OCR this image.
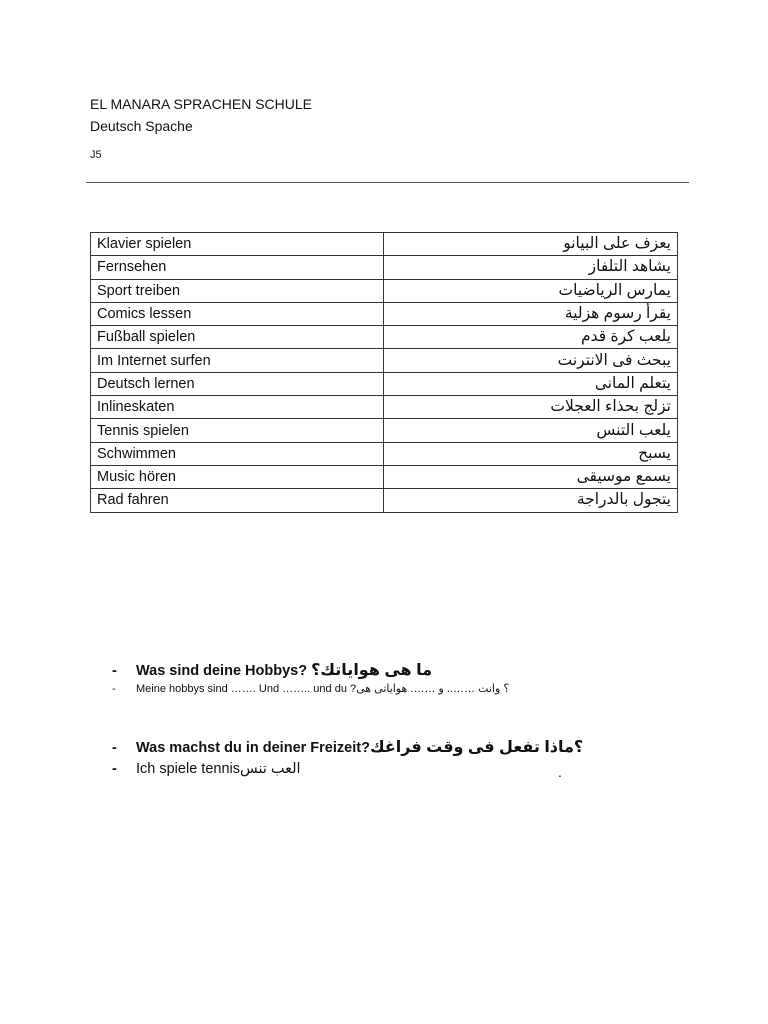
EL MANARA SPRACHEN SCHULE
Deutsch Spache
J5
Klavier spielen	يعزف على البيانو
Fernsehen	يشاهد التلفاز
Sport treiben	يمارس الرياضيات
Comics lessen	يقرأ رسوم هزلية
Fußball spielen	يلعب كرة قدم
Im Internet surfen	يبحث فى الانترنت
Deutsch lernen	يتعلم المانى
Inlineskaten	تزلج بحذاء العجلات
Tennis spielen	يلعب التنس
Schwimmen	يسبح
Music hören	يسمع موسيقى
Rad fahren	يتجول بالدراجة
- Was sind deine Hobbys? ما هى هواياتك؟
- Meine hobbys sind ……. Und …….. und du ?؟ وانت …….. و ……. هواياتى هى
- Was machst du in deiner Freizeit?؟ماذا تفعل فى وقت فراغك
- Ich spiele tennisالعب تنس	.
